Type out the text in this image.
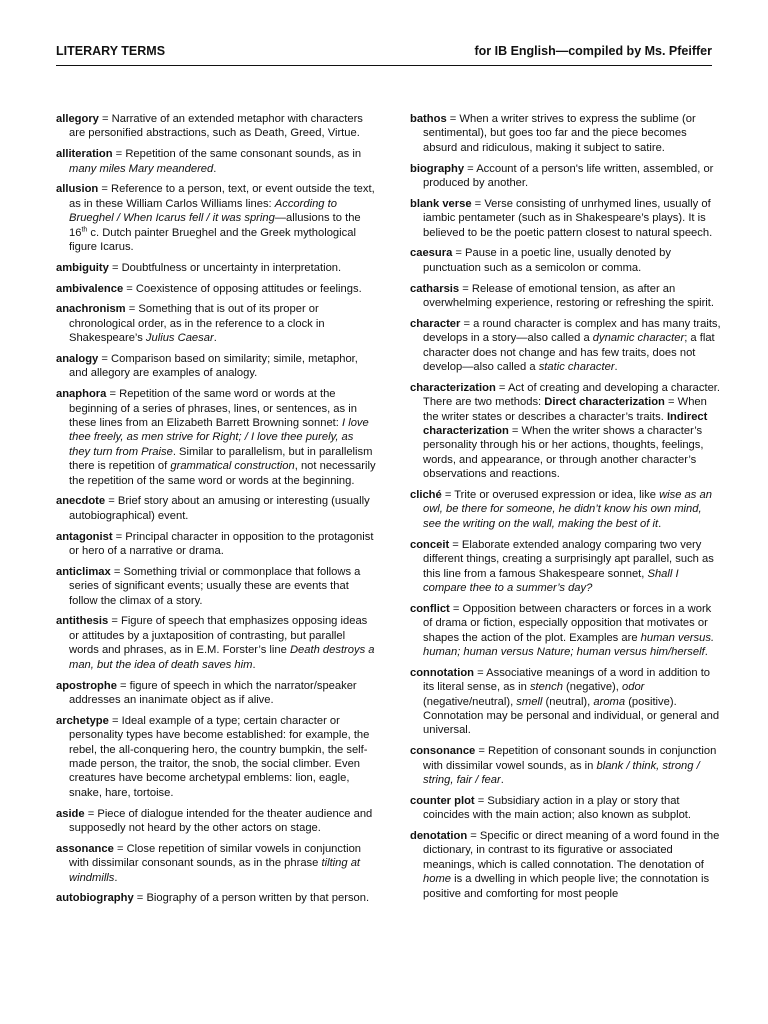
LITERARY TERMS	for IB English—compiled by Ms. Pfeiffer

allegory = Narrative of an extended metaphor with characters are personified abstractions, such as Death, Greed, Virtue.

alliteration = Repetition of the same consonant sounds, as in many miles Mary meandered.

allusion = Reference to a person, text, or event outside the text, as in these William Carlos Williams lines: According to Brueghel / When Icarus fell / it was spring—allusions to the 16th c. Dutch painter Brueghel and the Greek mythological figure Icarus.

ambiguity = Doubtfulness or uncertainty in interpretation.

ambivalence = Coexistence of opposing attitudes or feelings.

anachronism = Something that is out of its proper or chronological order, as in the reference to a clock in Shakespeare’s Julius Caesar.

analogy = Comparison based on similarity; simile, metaphor, and allegory are examples of analogy.

anaphora = Repetition of the same word or words at the beginning of a series of phrases, lines, or sentences, as in these lines from an Elizabeth Barrett Browning sonnet: I love thee freely, as men strive for Right; / I love thee purely, as they turn from Praise. Similar to parallelism, but in parallelism there is repetition of grammatical construction, not necessarily the repetition of the same word or words at the beginning.

anecdote = Brief story about an amusing or interesting (usually autobiographical) event.

antagonist = Principal character in opposition to the protagonist or hero of a narrative or drama.

anticlimax = Something trivial or commonplace that follows a series of significant events; usually these are events that follow the climax of a story.

antithesis = Figure of speech that emphasizes opposing ideas or attitudes by a juxtaposition of contrasting, but parallel words and phrases, as in E.M. Forster’s line Death destroys a man, but the idea of death saves him.

apostrophe = figure of speech in which the narrator/speaker addresses an inanimate object as if alive.

archetype = Ideal example of a type; certain character or personality types have become established: for example, the rebel, the all-conquering hero, the country bumpkin, the self-made person, the traitor, the snob, the social climber. Even creatures have become archetypal emblems: lion, eagle, snake, hare, tortoise.

aside = Piece of dialogue intended for the theater audience and supposedly not heard by the other actors on stage.

assonance = Close repetition of similar vowels in conjunction with dissimilar consonant sounds, as in the phrase tilting at windmills.

autobiography = Biography of a person written by that person.

bathos = When a writer strives to express the sublime (or sentimental), but goes too far and the piece becomes absurd and ridiculous, making it subject to satire.

biography = Account of a person's life written, assembled, or produced by another.

blank verse = Verse consisting of unrhymed lines, usually of iambic pentameter (such as in Shakespeare’s plays). It is believed to be the poetic pattern closest to natural speech.

caesura = Pause in a poetic line, usually denoted by punctuation such as a semicolon or comma.

catharsis = Release of emotional tension, as after an overwhelming experience, restoring or refreshing the spirit.

character = a round character is complex and has many traits, develops in a story—also called a dynamic character; a flat character does not change and has few traits, does not develop—also called a static character.

characterization = Act of creating and developing a character. There are two methods: Direct characterization = When the writer states or describes a character’s traits. Indirect characterization = When the writer shows a character’s personality through his or her actions, thoughts, feelings, words, and appearance, or through another character’s observations and reactions.

cliché = Trite or overused expression or idea, like wise as an owl, be there for someone, he didn’t know his own mind, see the writing on the wall, making the best of it.

conceit = Elaborate extended analogy comparing two very different things, creating a surprisingly apt parallel, such as this line from a famous Shakespeare sonnet, Shall I compare thee to a summer’s day?

conflict = Opposition between characters or forces in a work of drama or fiction, especially opposition that motivates or shapes the action of the plot. Examples are human versus. human; human versus Nature; human versus him/herself.

connotation = Associative meanings of a word in addition to its literal sense, as in stench (negative), odor (negative/neutral), smell (neutral), aroma (positive). Connotation may be personal and individual, or general and universal.

consonance = Repetition of consonant sounds in conjunction with dissimilar vowel sounds, as in blank / think, strong / string, fair / fear.

counter plot = Subsidiary action in a play or story that coincides with the main action; also known as subplot.

denotation = Specific or direct meaning of a word found in the dictionary, in contrast to its figurative or associated meanings, which is called connotation. The denotation of home is a dwelling in which people live; the connotation is positive and comforting for most people
